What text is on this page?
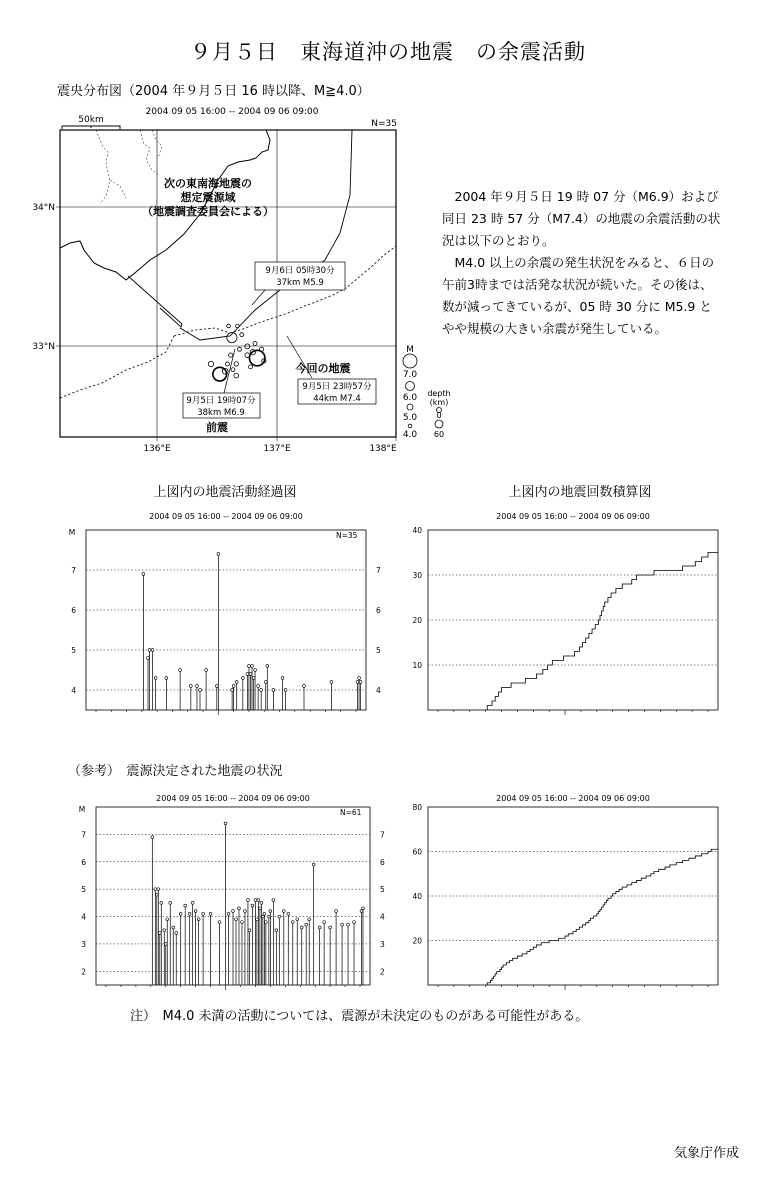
９月５日　東海道沖の地震　の余震活動
震央分布図（2004 年９月５日 16 時以降、M≧4.0）
2004 09 05 16:00 -- 2004 09 06 09:00
N=35
50km
次の東南海地震の
想定震源域
（地震調査委員会による）
9月6日 05時30分
37km M5.9
今回の地震
9月5日 23時57分
44km M7.4
9月5日 19時07分
38km M6.9
前震
136°E	137°E	138°E
34°N
33°N	M
7.0
6.0
5.0
4.0
depth
(km)
0
60

2004 年９月５日 19 時 07 分（M6.9）および同日 23 時 57 分（M7.4）の地震の余震活動の状況は以下のとおり。

M4.0 以上の余震の発生状況をみると、６日の午前3時までは活発な状況が続いた。その後は、数が減ってきているが、05 時 30 分に M5.9 とやや規模の大きい余震が発生している。

上図内の地震活動経過図	上図内の地震回数積算図
2004 09 05 16:00 -- 2004 09 06 09:00
N=35
M
4	4
5	5
6	6
7	7
2004 09 05 16:00 -- 2004 09 06 09:00
10
20
30
40
（参考）　震源決定された地震の状況
2004 09 05 16:00 -- 2004 09 06 09:00
N=61
M
2	2
3	3
4	4
5	5
6	6
7	7
2004 09 05 16:00 -- 2004 09 06 09:00
20
40
60
80
注）　M4.0 未満の活動については、震源が未決定のものがある可能性がある。
気象庁作成
